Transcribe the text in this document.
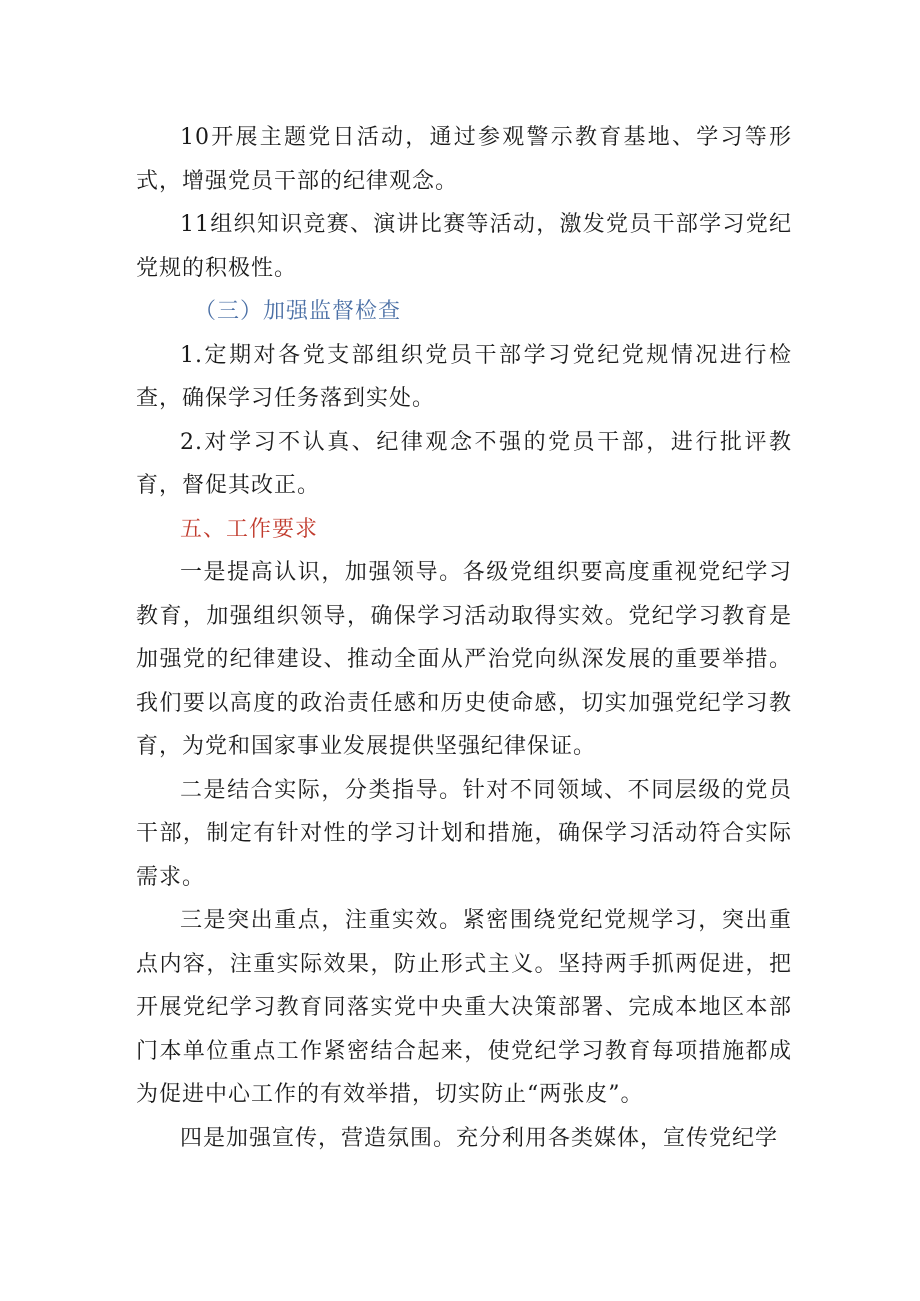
10开展主题党日活动，通过参观警示教育基地、学习等形式，增强党员干部的纪律观念。

11组织知识竞赛、演讲比赛等活动，激发党员干部学习党纪党规的积极性。

（三）加强监督检查

1.定期对各党支部组织党员干部学习党纪党规情况进行检查，确保学习任务落到实处。

2.对学习不认真、纪律观念不强的党员干部，进行批评教育，督促其改正。

五、工作要求

一是提高认识，加强领导。各级党组织要高度重视党纪学习教育，加强组织领导，确保学习活动取得实效。党纪学习教育是加强党的纪律建设、推动全面从严治党向纵深发展的重要举措。我们要以高度的政治责任感和历史使命感，切实加强党纪学习教育，为党和国家事业发展提供坚强纪律保证。

二是结合实际，分类指导。针对不同领域、不同层级的党员干部，制定有针对性的学习计划和措施，确保学习活动符合实际需求。

三是突出重点，注重实效。紧密围绕党纪党规学习，突出重点内容，注重实际效果，防止形式主义。坚持两手抓两促进，把开展党纪学习教育同落实党中央重大决策部署、完成本地区本部门本单位重点工作紧密结合起来，使党纪学习教育每项措施都成为促进中心工作的有效举措，切实防止“两张皮”。

四是加强宣传，营造氛围。充分利用各类媒体，宣传党纪学
